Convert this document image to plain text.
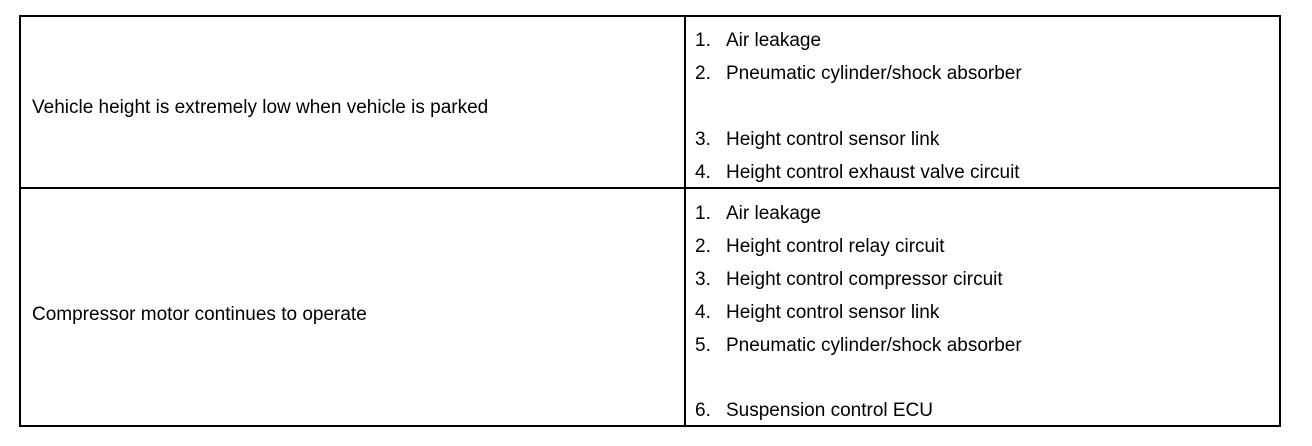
Vehicle height is extremely low when vehicle is parked
1. Air leakage
2. Pneumatic cylinder/shock absorber
3. Height control sensor link
4. Height control exhaust valve circuit
Compressor motor continues to operate
1. Air leakage
2. Height control relay circuit
3. Height control compressor circuit
4. Height control sensor link
5. Pneumatic cylinder/shock absorber
6. Suspension control ECU
